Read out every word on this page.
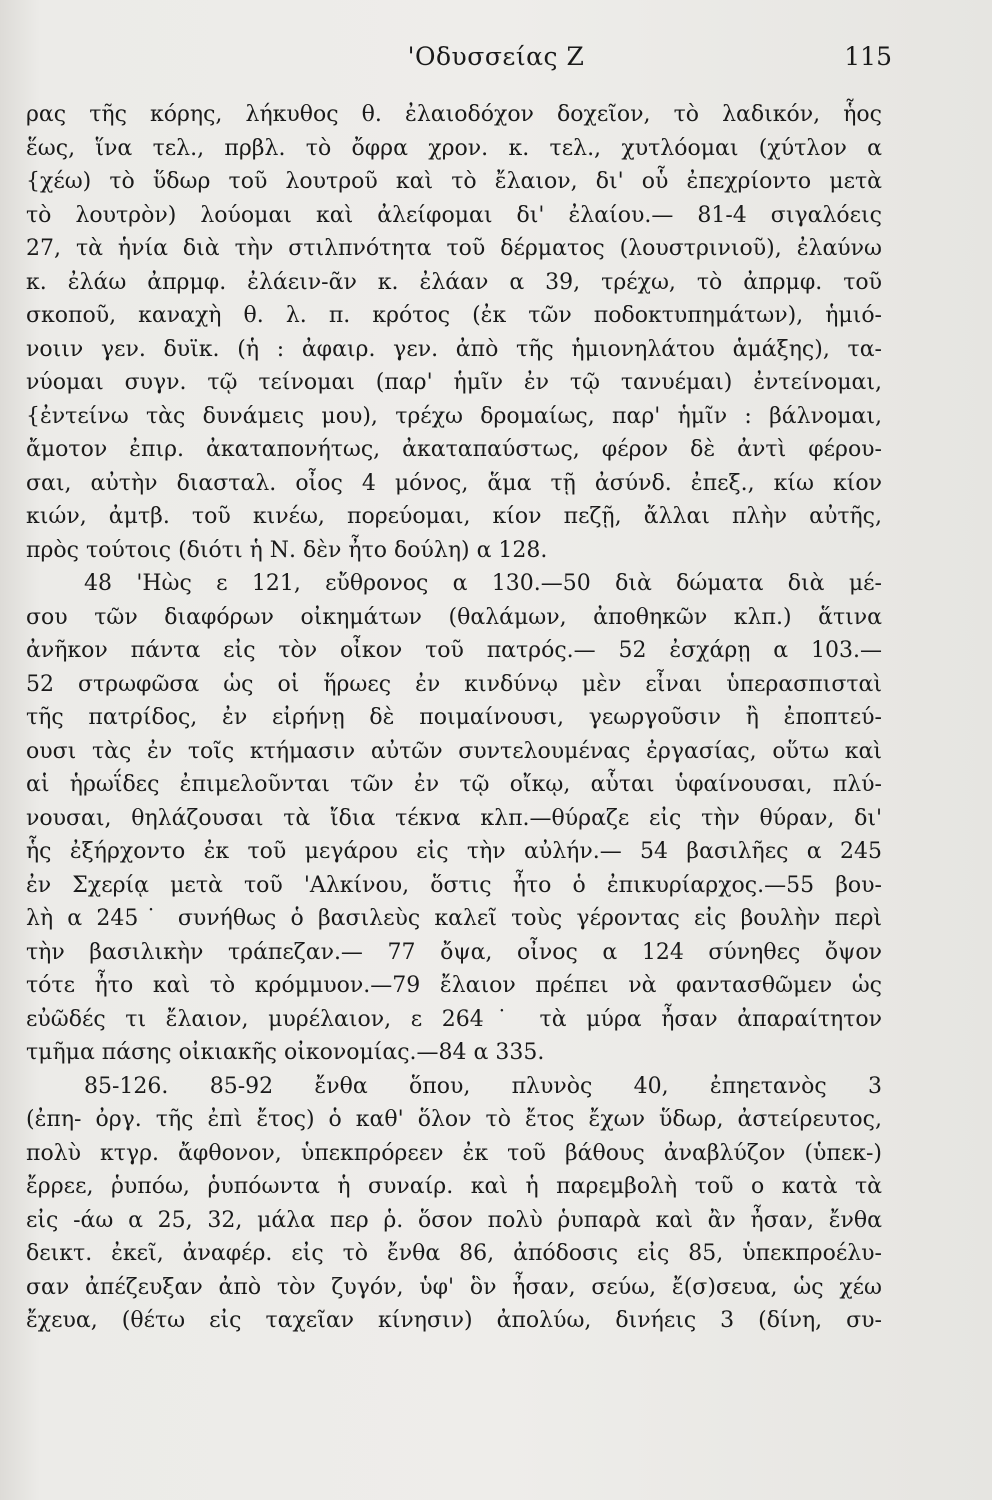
'Οδυσσείας Ζ	115
ρας τῆς κόρης, λήκυθος θ. ἐλαιοδόχον δοχεῖον, τὸ λαδικόν, ἧος
ἕως, ἵνα τελ., πρβλ. τὸ ὄφρα χρον. κ. τελ., χυτλόομαι (χύτλον α
{χέω) τὸ ὕδωρ τοῦ λουτροῦ καὶ τὸ ἔλαιον, δι' οὗ ἐπεχρίοντο μετὰ
τὸ λουτρὸν) λούομαι καὶ ἀλείφομαι δι' ἐλαίου.— 81-4 σιγαλόεις
27, τὰ ἡνία διὰ τὴν στιλπνότητα τοῦ δέρματος (λουστρινιοῦ), ἐλαύνω
κ. ἐλάω ἀπρμφ. ἐλάειν-ᾶν κ. ἐλάαν α 39, τρέχω, τὸ ἀπρμφ. τοῦ
σκοποῦ, καναχὴ θ. λ. π. κρότος (ἐκ τῶν ποδοκτυπημάτων), ἡμιό-
νοιιν γεν. δυϊκ. (ἡ : ἀφαιρ. γεν. ἀπὸ τῆς ἡμιονηλάτου ἁμάξης), τα-
νύομαι συγν. τῷ τείνομαι (παρ' ἡμῖν ἐν τῷ τανυέμαι) ἐντείνομαι,
{ἐντείνω τὰς δυνάμεις μου), τρέχω δρομαίως, παρ' ἡμῖν : βάλνομαι,
ἄμοτον ἐπιρ. ἀκαταπονήτως, ἀκαταπαύστως, φέρον δὲ ἀντὶ φέρου-
σαι, αὐτὴν διασταλ. οἶος 4 μόνος, ἅμα τῇ ἀσύνδ. ἐπεξ., κίω κίον
κιών, ἀμτβ. τοῦ κινέω, πορεύομαι, κίον πεζῇ, ἄλλαι πλὴν αὐτῆς,
πρὸς τούτοις (διότι ἡ Ν. δὲν ἦτο δούλη) α 128.
48 'Ηὼς ε 121, εὔθρονος α 130.—50 διὰ δώματα διὰ μέ-
σου τῶν διαφόρων οἰκημάτων (θαλάμων, ἀποθηκῶν κλπ.) ἅτινα
ἀνῆκον πάντα εἰς τὸν οἶκον τοῦ πατρός.— 52 ἐσχάρῃ α 103.—
52 στρωφῶσα ὡς οἱ ἥρωες ἐν κινδύνῳ μὲν εἶναι ὑπερασπισταὶ
τῆς πατρίδος, ἐν εἰρήνῃ δὲ ποιμαίνουσι, γεωργοῦσιν ἢ ἐποπτεύ-
ουσι τὰς ἐν τοῖς κτήμασιν αὐτῶν συντελουμένας ἐργασίας, οὕτω καὶ
αἱ ἡρωΐδες ἐπιμελοῦνται τῶν ἐν τῷ οἴκῳ, αὗται ὑφαίνουσαι, πλύ-
νουσαι, θηλάζουσαι τὰ ἴδια τέκνα κλπ.—θύραζε εἰς τὴν θύραν, δι'
ἧς ἐξήρχοντο ἐκ τοῦ μεγάρου εἰς τὴν αὐλήν.— 54 βασιλῆες α 245
ἐν Σχερίᾳ μετὰ τοῦ 'Αλκίνου, ὅστις ἦτο ὁ ἐπικυρίαρχος.—55 βου-
λὴ α 245˙ συνήθως ὁ βασιλεὺς καλεῖ τοὺς γέροντας εἰς βουλὴν περὶ
τὴν βασιλικὴν τράπεζαν.— 77 ὄψα, οἶνος α 124 σύνηθες ὄψον
τότε ἦτο καὶ τὸ κρόμμυον.—79 ἔλαιον πρέπει νὰ φαντασθῶμεν ὡς
εὐῶδές τι ἔλαιον, μυρέλαιον, ε 264˙ τὰ μύρα ἦσαν ἀπαραίτητον
τμῆμα πάσης οἰκιακῆς οἰκονομίας.—84 α 335.
85-126. 85-92 ἔνθα ὅπου, πλυνὸς 40, ἐπηετανὸς 3
(ἐπη- ὀργ. τῆς ἐπὶ ἔτος) ὁ καθ' ὅλον τὸ ἔτος ἔχων ὕδωρ, ἀστείρευτος,
πολὺ κτγρ. ἄφθονον, ὑπεκπρόρεεν ἐκ τοῦ βάθους ἀναβλύζον (ὑπεκ-)
ἔρρεε, ῥυπόω, ῥυπόωντα ἡ συναίρ. καὶ ἡ παρεμβολὴ τοῦ ο κατὰ τὰ
εἰς -άω α 25, 32, μάλα περ ῥ. ὅσον πολὺ ῥυπαρὰ καὶ ἂν ἦσαν, ἔνθα
δεικτ. ἐκεῖ, ἀναφέρ. εἰς τὸ ἔνθα 86, ἀπόδοσις εἰς 85, ὑπεκπροέλυ-
σαν ἀπέζευξαν ἀπὸ τὸν ζυγόν, ὑφ' ὃν ἦσαν, σεύω, ἔ(σ)σευα, ὡς χέω
ἔχευα, (θέτω εἰς ταχεῖαν κίνησιν) ἀπολύω, δινήεις 3 (δίνη, συ-
